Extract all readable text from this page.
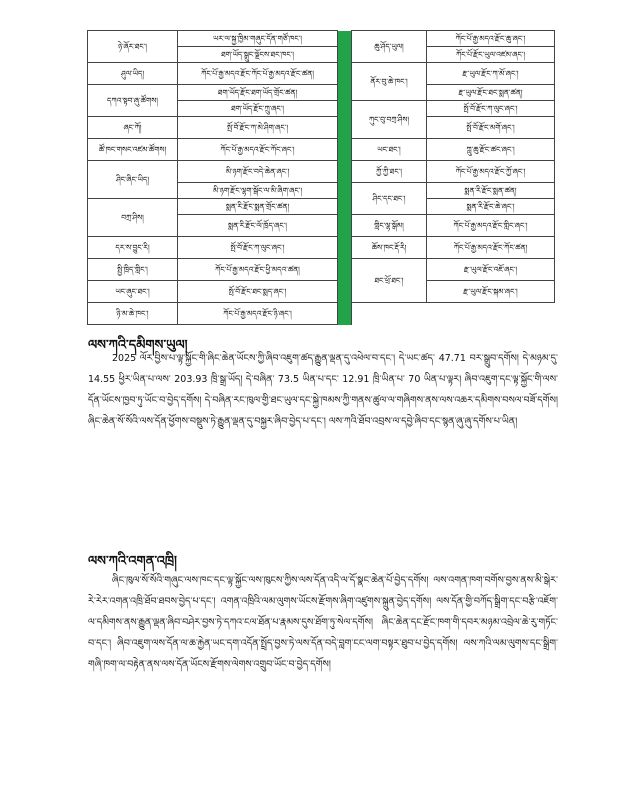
ཉེ་ཞོར་ཐང་།	ཡར་ལ་སྐྱ་ཁྱིམ་གཞུང་དོན་གཙོ་ཁང་།		ཆུ་ཤོད་ཡུལ།	ཀོང་པོ་རྒྱ་མདའ་རྫོང་ཆུ་ཞང་།
	ཐག་ཡོད་སྒྲུང་ལྗོངས་ཐང་ཁང་།			ཀོང་པོ་རྫོང་ཡུལ་འཛམ་ཞང་།
ཤུལ་ཡིད།	ཀོང་པོ་རྒྱ་མདའ་རྫོང་ཀོང་པོ་རྒྱ་མདའ་རྫོང་ཚན།		ནོར་བུ་ཆེ་ཁང་།	རྫ་ཡུལ་རྫོང་ཀ་མོ་ཞང་།
དཀའ་སྟབ་ཞུ་ཚོགས།	ཐག་ཡོད་རྫོང་ཐག་ཡོད་གྲོང་ཚན།			རྫ་ཡུལ་རྫོང་ཐང་སྨན་ཚན།
	ཐག་ཡོད་རྫོང་ཀྲུ་ཞང་།		ཀུང་བུ་བཀྲ་ཤིས།	སྤོ་བོ་རྫོང་ཀ་ལུང་ཞང་།
ཞང་ཀོ།	སྤོ་བོ་རྫོང་ཀ་མེ་ཤིག་ཞང་།			སྤོ་བོ་རྫོང་མགོ་ཞང་།
ཚོ་ཁང་གསང་འཛམ་ཚོགས།	ཀོང་པོ་རྒྱ་མདའ་རྫོང་ཀོང་ཞང་།		ཡང་ཐང་།	ཀླུ་ཆུ་རྫོང་ཚང་ཞང་།
ཤིང་ཞིང་ཡིད།	མི་ཉག་རྫོང་བདེ་ཆེན་ཞང་།		ཀྱོ་ཀྱི་ཐང་།	ཀོང་པོ་རྒྱ་མདའ་རྫོང་ཀྱོ་ཞང་།
	མི་ཉག་རྫོང་ལྷག་སྒོང་ལ་མི་ཞིག་ཞང་།		ཤིང་དང་ཐང་།	སྨན་རི་རྫོང་སྨན་ཚན།
བཀྲ་ཤིས།	སྨན་རི་རྫོང་སྨན་གྲོང་ཚན།			སྨན་རི་རྫོང་ཆེ་ཞང་།
	སྨན་རི་རྫོང་ལོ་ཁྲོད་ཞང་།		གླིང་ལྷ་སྒོམ།	ཀོང་པོ་རྒྱ་མདའ་རྫོང་གླིང་ཞང་།
དར་ས་བྱུང་རི།	སྤོ་བོ་རྫོང་ཀ་ལུང་ཞང་།		ཆོས་ཁང་རྡོ་རི།	ཀོང་པོ་རྒྱ་མདའ་རྫོང་ཀོང་ཚན།
སྤྱི་ཁྲིད་གླིང་།	ཀོང་པོ་རྒྱ་མདའ་རྫོང་ཕྱི་མདའ་ཚན།		ཐང་ཕྲོ་ཐང་།	རྫ་ཡུལ་རྫོང་འཇོ་ཞང་།
ཡང་ཞུང་ཐང་།	སྤོ་བོ་རྫོང་ཐང་སྨད་ཞང་།			རྫ་ཡུལ་རྫོང་སྐམ་ཞང་།
ཉི་མ་ཆེ་ཁང་།	ཀོང་པོ་རྒྱ་མདའ་རྫོང་ཉི་ཞང་།			
ལས་ཀའི་དམིགས་ཡུལ།
2025 ལོར་བྱིས་པ་ལྟ་སྐྱོང་གི་ཞིང་ཆེན་ཡོངས་ཀྱི་ཞིབ་འཇུག་ཚད་རྒྱུན་ལྡན་དུ་འཕེལ་བ་དང་། དེ་ཡང་ཚད་ 47.71 བར་སྒྲུབ་དགོས། དེ་མཉམ་དུ་ 14.55 ཕྱིར་ཡིན་པ་ལས་ 203.93 ཁྲི་སྒྲ་ཡོད། དེ་བཞིན་ 73.5 ཡིན་པ་དང་ 12.91 ཁྲི་ཡིན་པ་ 70 ཡིན་པ་ལྟར། ཞིབ་འཇུག་དང་ལྟ་སྐྱོང་གི་ལས་དོན་ཡོངས་ཁྱབ་ཏུ་ཡོང་བ་བྱེད་དགོས། དེ་བཞིན་རང་ཁུལ་གྱི་ཐང་ཡུལ་དང་སྐྱེ་ཁམས་ཀྱི་གནས་ཚུལ་ལ་གཞིགས་ནས་ལས་འཆར་དམིགས་བསལ་བཟོ་དགོས། ཞིང་ཆེན་སོ་སོའི་ལས་དོན་ཕྱོགས་བསྡུས་ཏེ་རྒྱུན་ལྡན་དུ་བསྐྱར་ཞིབ་བྱེད་པ་དང་། ལས་ཀའི་ཐོབ་འབྲས་ལ་དབྱེ་ཞིབ་དང་སྙན་ཞུ་ཞུ་དགོས་པ་ཡིན།
ལས་ཀའི་འགན་འཁྲི།
ཞིང་ཁུལ་སོ་སོའི་གཞུང་ལས་ཁང་དང་ལྟ་སྐྱོང་ལས་ཁུངས་ཀྱིས་ལས་དོན་འདི་ལ་དོ་སྣང་ཆེན་པོ་བྱེད་དགོས། ལས་འགན་ཁག་བགོས་བྱས་ནས་མི་སྒེར་རེ་རེར་འགན་འཁྲི་ཐོབ་ཐབས་བྱེད་པ་དང་། འགན་འཁྲིའི་ལམ་ལུགས་ཡོངས་རྫོགས་ཞིག་འཛུགས་སྐྲུན་བྱེད་དགོས། ལས་དོན་གྱི་བཀོད་སྒྲིག་དང་བརྩི་འཇོག་ལ་དམིགས་ནས་རྒྱུན་ལྡན་ཞིབ་བཤེར་བྱས་ཏེ་དཀའ་ངལ་ཐོན་པ་རྣམས་དུས་ཐོག་ཏུ་སེལ་དགོས། ཞིང་ཆེན་དང་རྫོང་ཁག་གི་དབར་མཉམ་འབྲེལ་ཆེ་རུ་གཏོང་བ་དང་། ཞིབ་འཇུག་ལས་དོན་ལ་ཆ་རྐྱེན་ཡང་དག་འདོན་སྤྲོད་བྱས་ཏེ་ལས་དོན་བདེ་བླག་ངང་ལག་བསྟར་ཐུབ་པ་བྱེད་དགོས། ལས་ཀའི་ལམ་ལུགས་དང་སྒྲིག་གཞི་ཁག་ལ་བརྟེན་ནས་ལས་དོན་ཡོངས་རྫོགས་ལེགས་འགྲུབ་ཡོང་བ་བྱེད་དགོས།
